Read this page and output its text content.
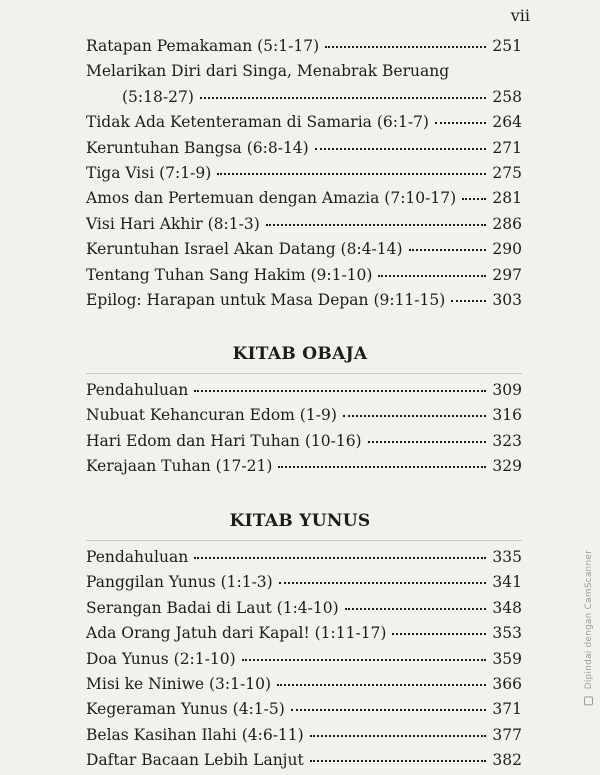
vii
Ratapan Pemakaman (5:1-17)	251
Melarikan Diri dari Singa, Menabrak Beruang
(5:18-27)	258
Tidak Ada Ketenteraman di Samaria (6:1-7)	264
Keruntuhan Bangsa (6:8-14)	271
Tiga Visi (7:1-9)	275
Amos dan Pertemuan dengan Amazia (7:10-17) 281
Visi Hari Akhir (8:1-3)	286
Keruntuhan Israel Akan Datang (8:4-14)	290
Tentang Tuhan Sang Hakim (9:1-10)	297
Epilog: Harapan untuk Masa Depan (9:11-15)	303
KITAB OBAJA
Pendahuluan	309
Nubuat Kehancuran Edom (1-9)	316
Hari Edom dan Hari Tuhan (10-16)	323
Kerajaan Tuhan (17-21)	329
KITAB YUNUS
Pendahuluan	335
Panggilan Yunus (1:1-3)	341
Serangan Badai di Laut (1:4-10)	348
Ada Orang Jatuh dari Kapal! (1:11-17)	353
Doa Yunus (2:1-10)	359
Misi ke Niniwe (3:1-10)	366
Kegeraman Yunus (4:1-5)	371
Belas Kasihan Ilahi (4:6-11)	377
Daftar Bacaan Lebih Lanjut	382
Dipindai dengan CamScanner
